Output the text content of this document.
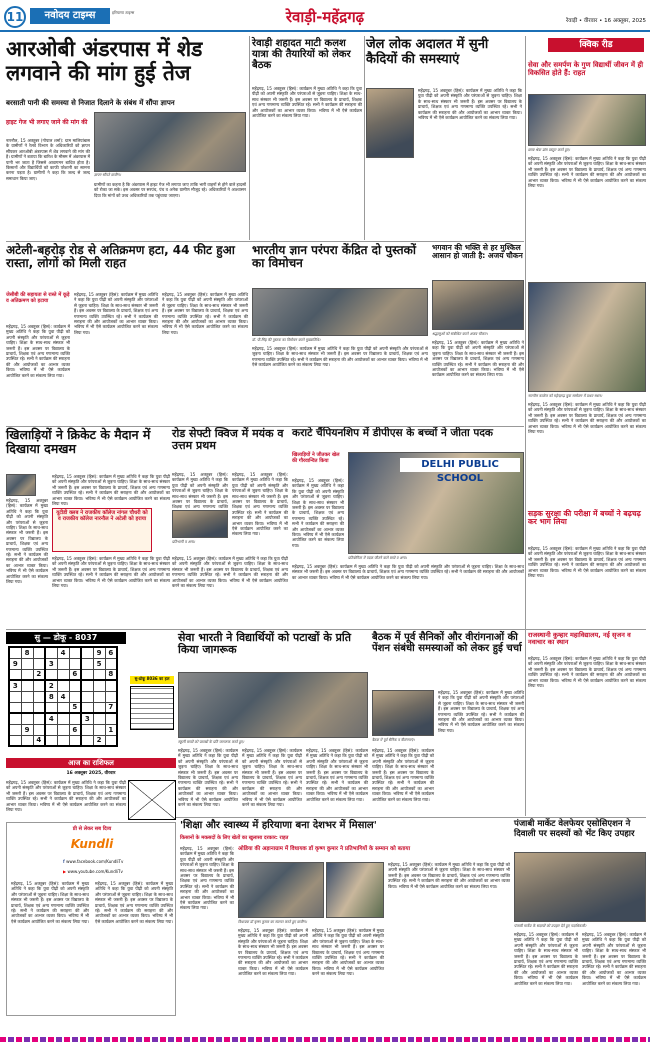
11	नवोदय टाइम्स	हरियाणा टाइम्स	रेवाड़ी-महेंद्रगढ़	रेवाड़ी • वीरवार • 16 अक्तूबर, 2025
आरओबी अंडरपास में शेड लगवाने की मांग हुई तेज
बरसाती पानी की समस्या से निजात दिलाने के संबंध में सौंपा ज्ञापन
हाइट गेज भी लगाए जाने की मांग की
नारनौल, 15 अक्तूबर (गोपाल शर्मा): ग्राम मालियांबास के ग्रामीणों ने रेलवे विभाग के अधिकारियों को ज्ञापन सौंपकर आरओबी अंडरपास में शेड लगवाने की मांग की है। ग्रामीणों ने बताया कि बारिश के मौसम में अंडरपास में पानी भर जाता है जिससे आवागमन बाधित होता है। किसानों और विद्यार्थियों को काफी परेशानी का सामना करना पड़ता है। ग्रामीणों ने कहा कि जल्द से जल्द समाधान किया जाए।
ज्ञापन सौंपते ग्रामीण।
ग्रामीणों का कहना है कि अंडरपास में हाइट गेज भी लगाया जाए ताकि भारी वाहनों से होने वाले हादसों को रोका जा सके। इस अवसर पर सरपंच, पंच व अनेक ग्रामीण मौजूद रहे। अधिकारियों ने आश्वासन दिया कि मांगों को उच्च अधिकारियों तक पहुंचाया जाएगा।
रेवाड़ी शहादत माटी कलश यात्रा की तैयारियों को लेकर बैठक
महेंद्रगढ़, 15 अक्तूबर (हिसं): कार्यक्रम में मुख्य अतिथि ने कहा कि युवा पीढ़ी को अपनी संस्कृति और परंपराओं से जुड़ना चाहिए। शिक्षा के साथ-साथ संस्कार भी जरूरी हैं। इस अवसर पर विद्यालय के प्राचार्य, शिक्षक एवं अन्य गणमान्य व्यक्ति उपस्थित रहे। सभी ने कार्यक्रम की सराहना की और आयोजकों का आभार व्यक्त किया। भविष्य में भी ऐसे कार्यक्रम आयोजित करने का संकल्प लिया गया।
जेल लोक अदालत में सुनी कैदियों की समस्याएं
महेंद्रगढ़, 15 अक्तूबर (हिसं): कार्यक्रम में मुख्य अतिथि ने कहा कि युवा पीढ़ी को अपनी संस्कृति और परंपराओं से जुड़ना चाहिए। शिक्षा के साथ-साथ संस्कार भी जरूरी हैं। इस अवसर पर विद्यालय के प्राचार्य, शिक्षक एवं अन्य गणमान्य व्यक्ति उपस्थित रहे। सभी ने कार्यक्रम की सराहना की और आयोजकों का आभार व्यक्त किया। भविष्य में भी ऐसे कार्यक्रम आयोजित करने का संकल्प लिया गया।
क्विक रीड
सेवा और समर्पण के गुण विद्यार्थी जीवन में ही विकसित होते हैं: राहत
छात्रा श्रेया डांस प्रस्तुत करते हुए।
महेंद्रगढ़, 15 अक्तूबर (हिसं): कार्यक्रम में मुख्य अतिथि ने कहा कि युवा पीढ़ी को अपनी संस्कृति और परंपराओं से जुड़ना चाहिए। शिक्षा के साथ-साथ संस्कार भी जरूरी हैं। इस अवसर पर विद्यालय के प्राचार्य, शिक्षक एवं अन्य गणमान्य व्यक्ति उपस्थित रहे। सभी ने कार्यक्रम की सराहना की और आयोजकों का आभार व्यक्त किया। भविष्य में भी ऐसे कार्यक्रम आयोजित करने का संकल्प लिया गया।
अटेली-बहरोड़ रोड से अतिक्रमण हटा, 44 फीट हुआ रास्ता, लोगों को मिली राहत
जेसीबी की सहायता से रास्ते में कूड़े व अतिक्रमण को हटाया
महेंद्रगढ़, 15 अक्तूबर (हिसं): कार्यक्रम में मुख्य अतिथि ने कहा कि युवा पीढ़ी को अपनी संस्कृति और परंपराओं से जुड़ना चाहिए। शिक्षा के साथ-साथ संस्कार भी जरूरी हैं। इस अवसर पर विद्यालय के प्राचार्य, शिक्षक एवं अन्य गणमान्य व्यक्ति उपस्थित रहे। सभी ने कार्यक्रम की सराहना की और आयोजकों का आभार व्यक्त किया। भविष्य में भी ऐसे कार्यक्रम आयोजित करने का संकल्प लिया गया।
महेंद्रगढ़, 15 अक्तूबर (हिसं): कार्यक्रम में मुख्य अतिथि ने कहा कि युवा पीढ़ी को अपनी संस्कृति और परंपराओं से जुड़ना चाहिए। शिक्षा के साथ-साथ संस्कार भी जरूरी हैं। इस अवसर पर विद्यालय के प्राचार्य, शिक्षक एवं अन्य गणमान्य व्यक्ति उपस्थित रहे। सभी ने कार्यक्रम की सराहना की और आयोजकों का आभार व्यक्त किया। भविष्य में भी ऐसे कार्यक्रम आयोजित करने का संकल्प लिया गया।
महेंद्रगढ़, 15 अक्तूबर (हिसं): कार्यक्रम में मुख्य अतिथि ने कहा कि युवा पीढ़ी को अपनी संस्कृति और परंपराओं से जुड़ना चाहिए। शिक्षा के साथ-साथ संस्कार भी जरूरी हैं। इस अवसर पर विद्यालय के प्राचार्य, शिक्षक एवं अन्य गणमान्य व्यक्ति उपस्थित रहे। सभी ने कार्यक्रम की सराहना की और आयोजकों का आभार व्यक्त किया। भविष्य में भी ऐसे कार्यक्रम आयोजित करने का संकल्प लिया गया।
भारतीय ज्ञान परंपरा केंद्रित दो पुस्तकों का विमोचन
डॉ. पी.सिंह की पुस्तक का विमोचन करते मुख्यातिथि।
महेंद्रगढ़, 15 अक्तूबर (हिसं): कार्यक्रम में मुख्य अतिथि ने कहा कि युवा पीढ़ी को अपनी संस्कृति और परंपराओं से जुड़ना चाहिए। शिक्षा के साथ-साथ संस्कार भी जरूरी हैं। इस अवसर पर विद्यालय के प्राचार्य, शिक्षक एवं अन्य गणमान्य व्यक्ति उपस्थित रहे। सभी ने कार्यक्रम की सराहना की और आयोजकों का आभार व्यक्त किया। भविष्य में भी ऐसे कार्यक्रम आयोजित करने का संकल्प लिया गया।
भगवान की भक्ति से हर मुश्किल आसान हो जाती है: अजय चौकन
श्रद्धालुओं को संबोधित करते अजय चौकन।
महेंद्रगढ़, 15 अक्तूबर (हिसं): कार्यक्रम में मुख्य अतिथि ने कहा कि युवा पीढ़ी को अपनी संस्कृति और परंपराओं से जुड़ना चाहिए। शिक्षा के साथ-साथ संस्कार भी जरूरी हैं। इस अवसर पर विद्यालय के प्राचार्य, शिक्षक एवं अन्य गणमान्य व्यक्ति उपस्थित रहे। सभी ने कार्यक्रम की सराहना की और आयोजकों का आभार व्यक्त किया। भविष्य में भी ऐसे कार्यक्रम आयोजित करने का संकल्प लिया गया।
नारनौल कालेज को महेन्द्रगढ़ युवा सम्मेलन में प्रथम स्थान।
महेंद्रगढ़, 15 अक्तूबर (हिसं): कार्यक्रम में मुख्य अतिथि ने कहा कि युवा पीढ़ी को अपनी संस्कृति और परंपराओं से जुड़ना चाहिए। शिक्षा के साथ-साथ संस्कार भी जरूरी हैं। इस अवसर पर विद्यालय के प्राचार्य, शिक्षक एवं अन्य गणमान्य व्यक्ति उपस्थित रहे। सभी ने कार्यक्रम की सराहना की और आयोजकों का आभार व्यक्त किया। भविष्य में भी ऐसे कार्यक्रम आयोजित करने का संकल्प लिया गया।
खिलाड़ियों ने क्रिकेट के मैदान में दिखाया दमखम
महेंद्रगढ़, 15 अक्तूबर (हिसं): कार्यक्रम में मुख्य अतिथि ने कहा कि युवा पीढ़ी को अपनी संस्कृति और परंपराओं से जुड़ना चाहिए। शिक्षा के साथ-साथ संस्कार भी जरूरी हैं। इस अवसर पर विद्यालय के प्राचार्य, शिक्षक एवं अन्य गणमान्य व्यक्ति उपस्थित रहे। सभी ने कार्यक्रम की सराहना की और आयोजकों का आभार व्यक्त किया। भविष्य में भी ऐसे कार्यक्रम आयोजित करने का संकल्प लिया गया।
यूटीडी क्लब ने राजकीय कॉलेज नांगल चौधरी को व राजकीय कॉलेज नारनौल ने अटेली को हराया
महेंद्रगढ़, 15 अक्तूबर (हिसं): कार्यक्रम में मुख्य अतिथि ने कहा कि युवा पीढ़ी को अपनी संस्कृति और परंपराओं से जुड़ना चाहिए। शिक्षा के साथ-साथ संस्कार भी जरूरी हैं। इस अवसर पर विद्यालय के प्राचार्य, शिक्षक एवं अन्य गणमान्य व्यक्ति उपस्थित रहे। सभी ने कार्यक्रम की सराहना की और आयोजकों का आभार व्यक्त किया। भविष्य में भी ऐसे कार्यक्रम आयोजित करने का संकल्प लिया गया।
महेंद्रगढ़, 15 अक्तूबर (हिसं): कार्यक्रम में मुख्य अतिथि ने कहा कि युवा पीढ़ी को अपनी संस्कृति और परंपराओं से जुड़ना चाहिए। शिक्षा के साथ-साथ संस्कार भी जरूरी हैं। इस अवसर पर विद्यालय के प्राचार्य, शिक्षक एवं अन्य गणमान्य व्यक्ति उपस्थित रहे। सभी ने कार्यक्रम की सराहना की और आयोजकों का आभार व्यक्त किया। भविष्य में भी ऐसे कार्यक्रम आयोजित करने का संकल्प लिया गया।
रोड सेफ्टी क्विज में मयंक व उत्तम प्रथम
महेंद्रगढ़, 15 अक्तूबर (हिसं): कार्यक्रम में मुख्य अतिथि ने कहा कि युवा पीढ़ी को अपनी संस्कृति और परंपराओं से जुड़ना चाहिए। शिक्षा के साथ-साथ संस्कार भी जरूरी हैं। इस अवसर पर विद्यालय के प्राचार्य, शिक्षक एवं अन्य गणमान्य व्यक्ति
महेंद्रगढ़, 15 अक्तूबर (हिसं): कार्यक्रम में मुख्य अतिथि ने कहा कि युवा पीढ़ी को अपनी संस्कृति और परंपराओं से जुड़ना चाहिए। शिक्षा के साथ-साथ संस्कार भी जरूरी हैं। इस अवसर पर विद्यालय के प्राचार्य, शिक्षक एवं अन्य गणमान्य व्यक्ति उपस्थित रहे। सभी ने कार्यक्रम की सराहना की और आयोजकों का आभार व्यक्त किया। भविष्य में भी ऐसे कार्यक्रम आयोजित करने का संकल्प लिया गया।
प्रतिभागी व अन्य।
महेंद्रगढ़, 15 अक्तूबर (हिसं): कार्यक्रम में मुख्य अतिथि ने कहा कि युवा पीढ़ी को अपनी संस्कृति और परंपराओं से जुड़ना चाहिए। शिक्षा के साथ-साथ संस्कार भी जरूरी हैं। इस अवसर पर विद्यालय के प्राचार्य, शिक्षक एवं अन्य गणमान्य व्यक्ति उपस्थित रहे। सभी ने कार्यक्रम की सराहना की और आयोजकों का आभार व्यक्त किया। भविष्य में भी ऐसे कार्यक्रम आयोजित करने का संकल्प लिया गया।
कराटे चैंपियनशिप में डीपीएस के बच्चों ने जीता पदक
खिलाड़ियों ने जीतकर खेल की गौरवान्वित किया
महेंद्रगढ़, 15 अक्तूबर (हिसं): कार्यक्रम में मुख्य अतिथि ने कहा कि युवा पीढ़ी को अपनी संस्कृति और परंपराओं से जुड़ना चाहिए। शिक्षा के साथ-साथ संस्कार भी जरूरी हैं। इस अवसर पर विद्यालय के प्राचार्य, शिक्षक एवं अन्य गणमान्य व्यक्ति उपस्थित रहे। सभी ने कार्यक्रम की सराहना की और आयोजकों का आभार व्यक्त किया। भविष्य में भी ऐसे कार्यक्रम आयोजित करने का संकल्प लिया गया।
DELHI PUBLIC SCHOOL
प्रतियोगिता में पदक जीतने वाले बच्चे व अन्य।
महेंद्रगढ़, 15 अक्तूबर (हिसं): कार्यक्रम में मुख्य अतिथि ने कहा कि युवा पीढ़ी को अपनी संस्कृति और परंपराओं से जुड़ना चाहिए। शिक्षा के साथ-साथ संस्कार भी जरूरी हैं। इस अवसर पर विद्यालय के प्राचार्य, शिक्षक एवं अन्य गणमान्य व्यक्ति उपस्थित रहे। सभी ने कार्यक्रम की सराहना की और आयोजकों का आभार व्यक्त किया। भविष्य में भी ऐसे कार्यक्रम आयोजित करने का संकल्प लिया गया।
सड़क सुरक्षा की परीक्षा में बच्चों ने बढ़चढ़ कर भाग लिया
महेंद्रगढ़, 15 अक्तूबर (हिसं): कार्यक्रम में मुख्य अतिथि ने कहा कि युवा पीढ़ी को अपनी संस्कृति और परंपराओं से जुड़ना चाहिए। शिक्षा के साथ-साथ संस्कार भी जरूरी हैं। इस अवसर पर विद्यालय के प्राचार्य, शिक्षक एवं अन्य गणमान्य व्यक्ति उपस्थित रहे। सभी ने कार्यक्रम की सराहना की और आयोजकों का आभार व्यक्त किया। भविष्य में भी ऐसे कार्यक्रम आयोजित करने का संकल्प लिया गया।
सु — डोकू - 8037
	8			4			9	6
9			3				5	
		2			6			8
3			2					
			8	4				
					5			7
			4			3		
	9				6			1
		4					2	
सु-डोकू 8036 का हल
सेवा भारती ने विद्यार्थियों को पटाखों के प्रति किया जागरूक
स्कूली बच्चों को पटाखों के प्रति जागरूक करते हुए।
महेंद्रगढ़, 15 अक्तूबर (हिसं): कार्यक्रम में मुख्य अतिथि ने कहा कि युवा पीढ़ी को अपनी संस्कृति और परंपराओं से जुड़ना चाहिए। शिक्षा के साथ-साथ संस्कार भी जरूरी हैं। इस अवसर पर विद्यालय के प्राचार्य, शिक्षक एवं अन्य गणमान्य व्यक्ति उपस्थित रहे। सभी ने कार्यक्रम की सराहना की और आयोजकों का आभार व्यक्त किया। भविष्य में भी ऐसे कार्यक्रम आयोजित करने का संकल्प लिया गया।
महेंद्रगढ़, 15 अक्तूबर (हिसं): कार्यक्रम में मुख्य अतिथि ने कहा कि युवा पीढ़ी को अपनी संस्कृति और परंपराओं से जुड़ना चाहिए। शिक्षा के साथ-साथ संस्कार भी जरूरी हैं। इस अवसर पर विद्यालय के प्राचार्य, शिक्षक एवं अन्य गणमान्य व्यक्ति उपस्थित रहे। सभी ने कार्यक्रम की सराहना की और आयोजकों का आभार व्यक्त किया। भविष्य में भी ऐसे कार्यक्रम आयोजित करने का संकल्प लिया गया।
महेंद्रगढ़, 15 अक्तूबर (हिसं): कार्यक्रम में मुख्य अतिथि ने कहा कि युवा पीढ़ी को अपनी संस्कृति और परंपराओं से जुड़ना चाहिए। शिक्षा के साथ-साथ संस्कार भी जरूरी हैं। इस अवसर पर विद्यालय के प्राचार्य, शिक्षक एवं अन्य गणमान्य व्यक्ति उपस्थित रहे। सभी ने कार्यक्रम की सराहना की और आयोजकों का आभार व्यक्त किया। भविष्य में भी ऐसे कार्यक्रम आयोजित करने का संकल्प लिया गया।
बैठक में पूर्व सैनिकों और वीरांगनाओं की पेंशन संबंधी समस्याओं को लेकर हुई चर्चा
बैठक में पूर्व सैनिक व वीरांगनाएं।
महेंद्रगढ़, 15 अक्तूबर (हिसं): कार्यक्रम में मुख्य अतिथि ने कहा कि युवा पीढ़ी को अपनी संस्कृति और परंपराओं से जुड़ना चाहिए। शिक्षा के साथ-साथ संस्कार भी जरूरी हैं। इस अवसर पर विद्यालय के प्राचार्य, शिक्षक एवं अन्य गणमान्य व्यक्ति उपस्थित रहे। सभी ने कार्यक्रम की सराहना की और आयोजकों का आभार व्यक्त किया। भविष्य में भी ऐसे कार्यक्रम आयोजित करने का संकल्प लिया गया।
महेंद्रगढ़, 15 अक्तूबर (हिसं): कार्यक्रम में मुख्य अतिथि ने कहा कि युवा पीढ़ी को अपनी संस्कृति और परंपराओं से जुड़ना चाहिए। शिक्षा के साथ-साथ संस्कार भी जरूरी हैं। इस अवसर पर विद्यालय के प्राचार्य, शिक्षक एवं अन्य गणमान्य व्यक्ति उपस्थित रहे। सभी ने कार्यक्रम की सराहना की और आयोजकों का आभार व्यक्त किया। भविष्य में भी ऐसे कार्यक्रम आयोजित करने का संकल्प लिया गया।
राजस्थानी कुम्हार महाविद्यालय, नई सृजन व नवाचार का स्थान
महेंद्रगढ़, 15 अक्तूबर (हिसं): कार्यक्रम में मुख्य अतिथि ने कहा कि युवा पीढ़ी को अपनी संस्कृति और परंपराओं से जुड़ना चाहिए। शिक्षा के साथ-साथ संस्कार भी जरूरी हैं। इस अवसर पर विद्यालय के प्राचार्य, शिक्षक एवं अन्य गणमान्य व्यक्ति उपस्थित रहे। सभी ने कार्यक्रम की सराहना की और आयोजकों का आभार व्यक्त किया। भविष्य में भी ऐसे कार्यक्रम आयोजित करने का संकल्प लिया गया।
आज का राशिफल
16 अक्तूबर 2025, वीरवार
महेंद्रगढ़, 15 अक्तूबर (हिसं): कार्यक्रम में मुख्य अतिथि ने कहा कि युवा पीढ़ी को अपनी संस्कृति और परंपराओं से जुड़ना चाहिए। शिक्षा के साथ-साथ संस्कार भी जरूरी हैं। इस अवसर पर विद्यालय के प्राचार्य, शिक्षक एवं अन्य गणमान्य व्यक्ति उपस्थित रहे। सभी ने कार्यक्रम की सराहना की और आयोजकों का आभार व्यक्त किया। भविष्य में भी ऐसे कार्यक्रम आयोजित करने का संकल्प लिया गया।
'शिक्षा और स्वास्थ्य में हरियाणा बना देशभर में मिसाल'
किसानों के मकसदों के लिए खेतों का खुलासा दरकार: राहत
महेंद्रगढ़, 15 अक्तूबर (हिसं): कार्यक्रम में मुख्य अतिथि ने कहा कि युवा पीढ़ी को अपनी संस्कृति और परंपराओं से जुड़ना चाहिए। शिक्षा के साथ-साथ संस्कार भी जरूरी हैं। इस अवसर पर विद्यालय के प्राचार्य, शिक्षक एवं अन्य गणमान्य व्यक्ति उपस्थित रहे। सभी ने कार्यक्रम की सराहना की और आयोजकों का आभार व्यक्त किया। भविष्य में भी ऐसे कार्यक्रम आयोजित करने का संकल्प लिया गया।
ओडिया की अड़ानाग्राम में विधायक डॉ कृष्ण कुमार ने प्रतिभागियों के सम्मान को बताया
विधायक डॉ कृष्ण कुमार का स्वागत करते हुए ग्रामीण।
महेंद्रगढ़, 15 अक्तूबर (हिसं): कार्यक्रम में मुख्य अतिथि ने कहा कि युवा पीढ़ी को अपनी संस्कृति और परंपराओं से जुड़ना चाहिए। शिक्षा के साथ-साथ संस्कार भी जरूरी हैं। इस अवसर पर विद्यालय के प्राचार्य, शिक्षक एवं अन्य गणमान्य व्यक्ति उपस्थित रहे। सभी ने कार्यक्रम की सराहना की और आयोजकों का आभार व्यक्त किया। भविष्य में भी ऐसे कार्यक्रम आयोजित करने का संकल्प लिया गया।
महेंद्रगढ़, 15 अक्तूबर (हिसं): कार्यक्रम में मुख्य अतिथि ने कहा कि युवा पीढ़ी को अपनी संस्कृति और परंपराओं से जुड़ना चाहिए। शिक्षा के साथ-साथ संस्कार भी जरूरी हैं। इस अवसर पर विद्यालय के प्राचार्य, शिक्षक एवं अन्य गणमान्य व्यक्ति उपस्थित रहे। सभी ने कार्यक्रम की सराहना की और आयोजकों का आभार व्यक्त किया। भविष्य में भी ऐसे कार्यक्रम आयोजित करने का संकल्प लिया गया।
महेंद्रगढ़, 15 अक्तूबर (हिसं): कार्यक्रम में मुख्य अतिथि ने कहा कि युवा पीढ़ी को अपनी संस्कृति और परंपराओं से जुड़ना चाहिए। शिक्षा के साथ-साथ संस्कार भी जरूरी हैं। इस अवसर पर विद्यालय के प्राचार्य, शिक्षक एवं अन्य गणमान्य व्यक्ति उपस्थित रहे। सभी ने कार्यक्रम की सराहना की और आयोजकों का आभार व्यक्त किया। भविष्य में भी ऐसे कार्यक्रम आयोजित करने का संकल्प लिया गया।
पंजाबी मार्केट वेलफेयर एसोसिएशन ने दिवाली पर सदस्यों को भेंट किए उपहार
पंजाबी मार्केट के सदस्यों को उपहार देते हुए पदाधिकारी।
महेंद्रगढ़, 15 अक्तूबर (हिसं): कार्यक्रम में मुख्य अतिथि ने कहा कि युवा पीढ़ी को अपनी संस्कृति और परंपराओं से जुड़ना चाहिए। शिक्षा के साथ-साथ संस्कार भी जरूरी हैं। इस अवसर पर विद्यालय के प्राचार्य, शिक्षक एवं अन्य गणमान्य व्यक्ति उपस्थित रहे। सभी ने कार्यक्रम की सराहना की और आयोजकों का आभार व्यक्त किया। भविष्य में भी ऐसे कार्यक्रम आयोजित करने का संकल्प लिया गया।
महेंद्रगढ़, 15 अक्तूबर (हिसं): कार्यक्रम में मुख्य अतिथि ने कहा कि युवा पीढ़ी को अपनी संस्कृति और परंपराओं से जुड़ना चाहिए। शिक्षा के साथ-साथ संस्कार भी जरूरी हैं। इस अवसर पर विद्यालय के प्राचार्य, शिक्षक एवं अन्य गणमान्य व्यक्ति उपस्थित रहे। सभी ने कार्यक्रम की सराहना की और आयोजकों का आभार व्यक्त किया। भविष्य में भी ऐसे कार्यक्रम आयोजित करने का संकल्प लिया गया।
प्री से लेकर सब दिव्य
Kundli
f www.facebook.com/KundliTv
▶ www.youtube.com/KundliTv
महेंद्रगढ़, 15 अक्तूबर (हिसं): कार्यक्रम में मुख्य अतिथि ने कहा कि युवा पीढ़ी को अपनी संस्कृति और परंपराओं से जुड़ना चाहिए। शिक्षा के साथ-साथ संस्कार भी जरूरी हैं। इस अवसर पर विद्यालय के प्राचार्य, शिक्षक एवं अन्य गणमान्य व्यक्ति उपस्थित रहे। सभी ने कार्यक्रम की सराहना की और आयोजकों का आभार व्यक्त किया। भविष्य में भी ऐसे कार्यक्रम आयोजित करने का संकल्प लिया गया।
महेंद्रगढ़, 15 अक्तूबर (हिसं): कार्यक्रम में मुख्य अतिथि ने कहा कि युवा पीढ़ी को अपनी संस्कृति और परंपराओं से जुड़ना चाहिए। शिक्षा के साथ-साथ संस्कार भी जरूरी हैं। इस अवसर पर विद्यालय के प्राचार्य, शिक्षक एवं अन्य गणमान्य व्यक्ति उपस्थित रहे। सभी ने कार्यक्रम की सराहना की और आयोजकों का आभार व्यक्त किया। भविष्य में भी ऐसे कार्यक्रम आयोजित करने का संकल्प लिया गया।
